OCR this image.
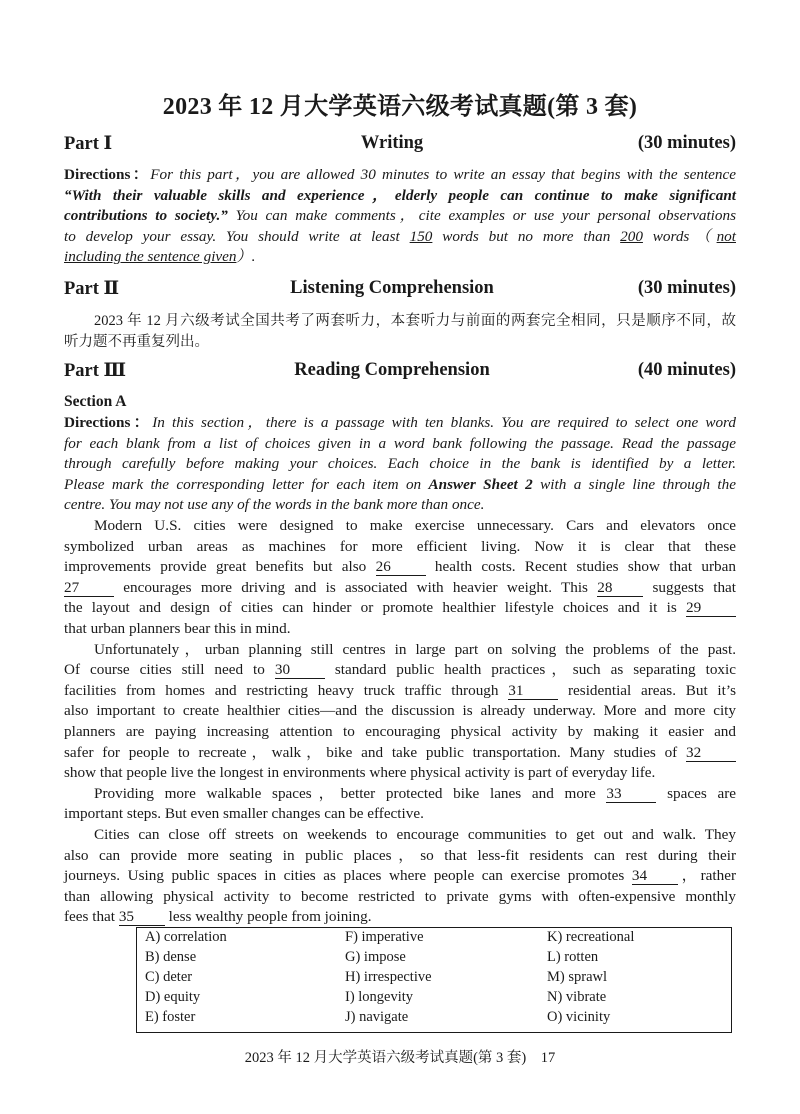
2023 年 12 月大学英语六级考试真题(第 3 套)
Part Ⅰ	Writing	(30 minutes)
Directions：For this part，you are allowed 30 minutes to write an essay that begins with the sentence
“With their valuable skills and experience，elderly people can continue to make significant
contributions to society.” You can make comments，cite examples or use your personal observations
to develop your essay. You should write at least 150 words but no more than 200 words（not
including the sentence given）.
Part Ⅱ	Listening Comprehension	(30 minutes)
2023 年 12 月六级考试全国共考了两套听力，本套听力与前面的两套完全相同，只是顺序不同，故
听力题不再重复列出。
Part Ⅲ	Reading Comprehension	(40 minutes)
Section A
Directions：In this section，there is a passage with ten blanks. You are required to select one word
for each blank from a list of choices given in a word bank following the passage. Read the passage
through carefully before making your choices. Each choice in the bank is identified by a letter.
Please mark the corresponding letter for each item on Answer Sheet 2 with a single line through the
centre. You may not use any of the words in the bank more than once.
Modern U.S. cities were designed to make exercise unnecessary. Cars and elevators once
symbolized urban areas as machines for more efficient living. Now it is clear that these
improvements provide great benefits but also 26 health costs. Recent studies show that urban
27 encourages more driving and is associated with heavier weight. This 28 suggests that
the layout and design of cities can hinder or promote healthier lifestyle choices and it is 29
that urban planners bear this in mind.
Unfortunately，urban planning still centres in large part on solving the problems of the past.
Of course cities still need to 30 standard public health practices，such as separating toxic
facilities from homes and restricting heavy truck traffic through 31 residential areas. But it’s
also important to create healthier cities—and the discussion is already underway. More and more city
planners are paying increasing attention to encouraging physical activity by making it easier and
safer for people to recreate，walk，bike and take public transportation. Many studies of 32
show that people live the longest in environments where physical activity is part of everyday life.
Providing more walkable spaces，better protected bike lanes and more 33 spaces are
important steps. But even smaller changes can be effective.
Cities can close off streets on weekends to encourage communities to get out and walk. They
also can provide more seating in public places，so that less-fit residents can rest during their
journeys. Using public spaces in cities as places where people can exercise promotes 34 ，rather
than allowing physical activity to become restricted to private gyms with often-expensive monthly
fees that 35 less wealthy people from joining.
A) correlation	F) imperative	K) recreational
B) dense	G) impose	L) rotten
C) deter	H) irrespective	M) sprawl
D) equity	I) longevity	N) vibrate
E) foster	J) navigate	O) vicinity
2023 年 12 月大学英语六级考试真题(第 3 套)　17
